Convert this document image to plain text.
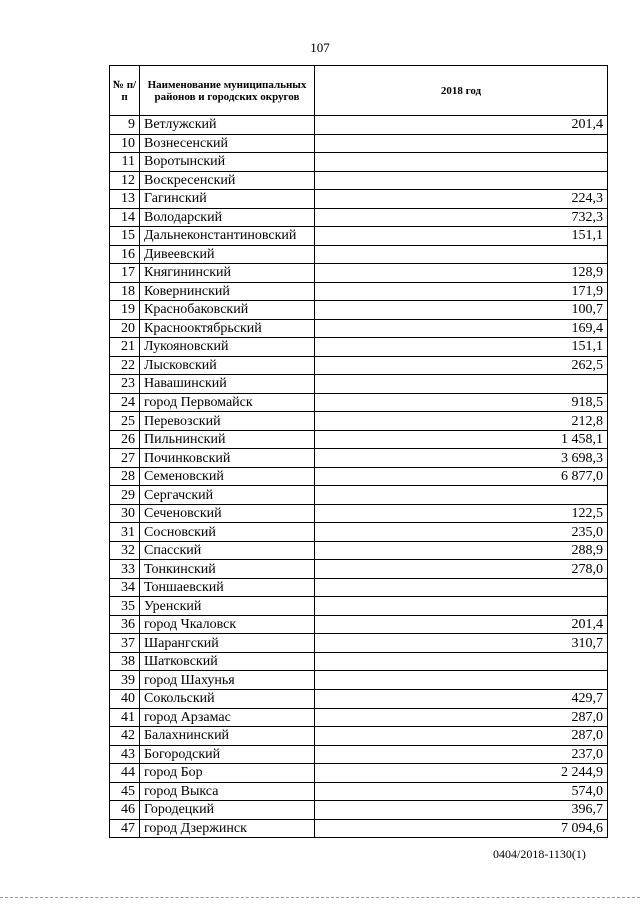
107
№ п/п	Наименование муниципальных районов и городских округов	2018 год
9	Ветлужский	201,4
10	Вознесенский	
11	Воротынский	
12	Воскресенский	
13	Гагинский	224,3
14	Володарский	732,3
15	Дальнеконстантиновский	151,1
16	Дивеевский	
17	Княгининский	128,9
18	Ковернинский	171,9
19	Краснобаковский	100,7
20	Краснооктябрьский	169,4
21	Лукояновский	151,1
22	Лысковский	262,5
23	Навашинский	
24	город Первомайск	918,5
25	Перевозский	212,8
26	Пильнинский	1 458,1
27	Починковский	3 698,3
28	Семеновский	6 877,0
29	Сергачский	
30	Сеченовский	122,5
31	Сосновский	235,0
32	Спасский	288,9
33	Тонкинский	278,0
34	Тоншаевский	
35	Уренский	
36	город Чкаловск	201,4
37	Шарангский	310,7
38	Шатковский	
39	город Шахунья	
40	Сокольский	429,7
41	город Арзамас	287,0
42	Балахнинский	287,0
43	Богородский	237,0
44	город Бор	2 244,9
45	город Выкса	574,0
46	Городецкий	396,7
47	город Дзержинск	7 094,6
0404/2018-1130(1)
